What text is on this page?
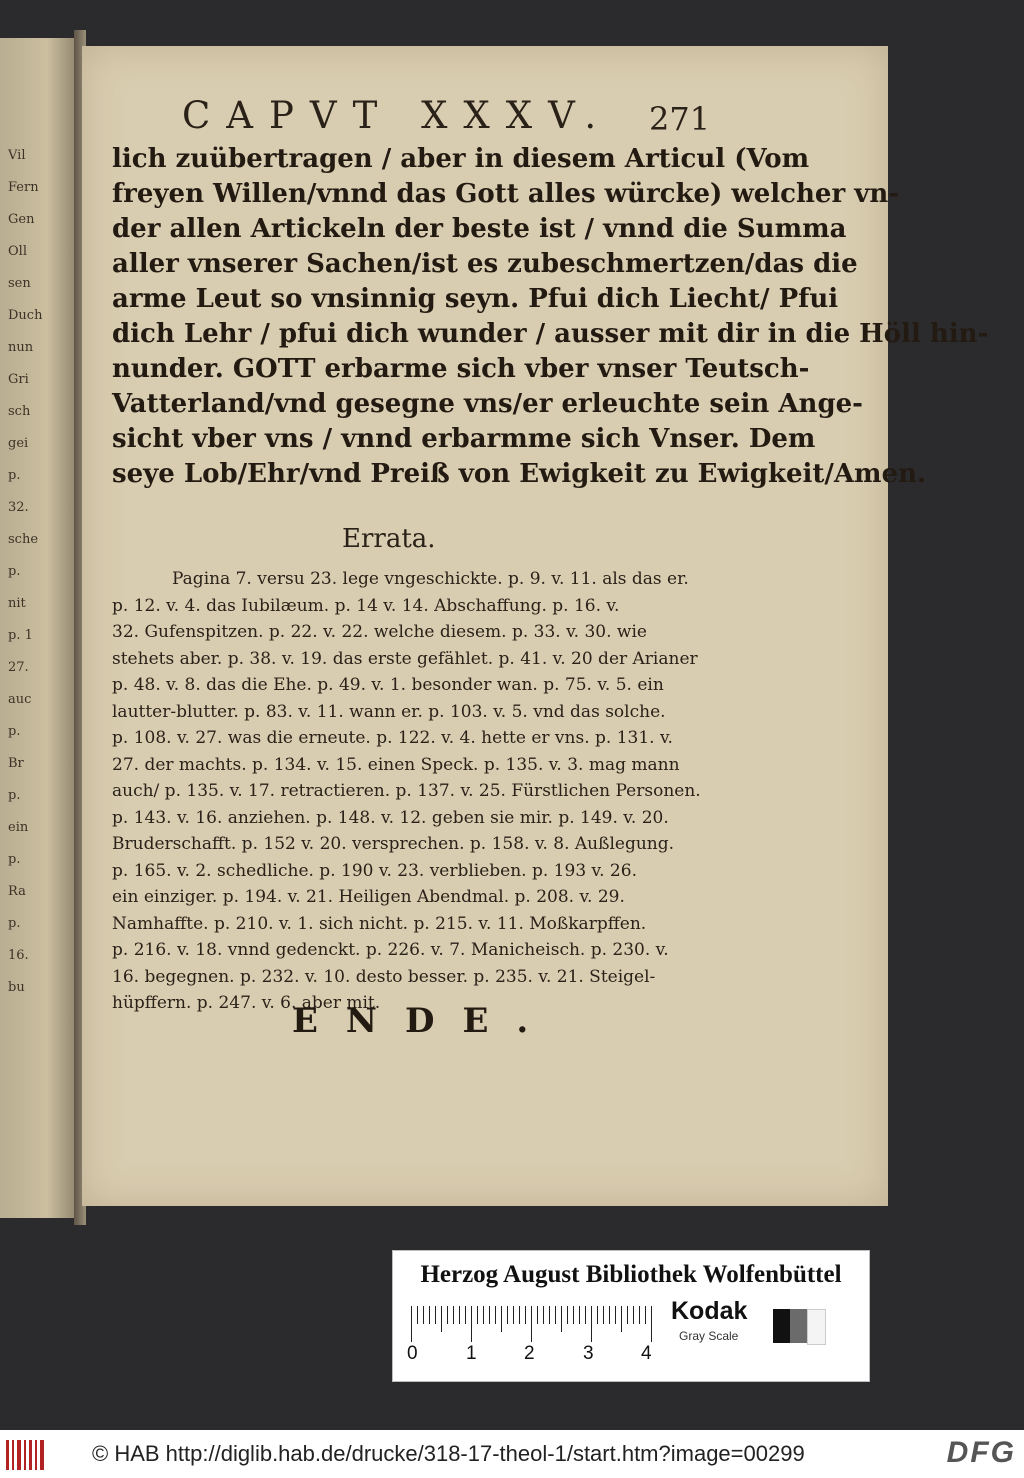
Vil
Fern
Gen
Oll
sen
Duch
nun
Gri
sch
gei
p.
32.
sche
p.
nit
p. 1
27.
auc
p.
Br
p.
ein
p.
Ra
p.
16.
bu
CAPVT XXXV.	271
lich zuübertragen / aber in diesem Articul (Vom
freyen Willen/vnnd das Gott alles würcke) welcher vn-
der allen Artickeln der beste ist / vnnd die Summa
aller vnserer Sachen/ist es zubeschmertzen/das die
arme Leut so vnsinnig seyn. Pfui dich Liecht/ Pfui
dich Lehr / pfui dich wunder / ausser mit dir in die Höll hin-
nunder. GOTT erbarme sich vber vnser Teutsch-
Vatterland/vnd gesegne vns/er erleuchte sein Ange-
sicht vber vns / vnnd erbarmme sich Vnser. Dem
seye Lob/Ehr/vnd Preiß von Ewigkeit zu Ewigkeit/Amen.
Errata.
Pagina 7. versu 23. lege vngeschickte. p. 9. v. 11. als das er.
p. 12. v. 4. das Iubilæum. p. 14 v. 14. Abschaffung. p. 16. v.
32. Gufenspitzen. p. 22. v. 22. welche diesem. p. 33. v. 30. wie
stehets aber. p. 38. v. 19. das erste gefählet. p. 41. v. 20 der Arianer
p. 48. v. 8. das die Ehe. p. 49. v. 1. besonder wan. p. 75. v. 5. ein
lautter-blutter. p. 83. v. 11. wann er. p. 103. v. 5. vnd das solche.
p. 108. v. 27. was die erneute. p. 122. v. 4. hette er vns. p. 131. v.
27. der machts. p. 134. v. 15. einen Speck. p. 135. v. 3. mag mann
auch/ p. 135. v. 17. retractieren. p. 137. v. 25. Fürstlichen Personen.
p. 143. v. 16. anziehen. p. 148. v. 12. geben sie mir. p. 149. v. 20.
Bruderschafft. p. 152 v. 20. versprechen. p. 158. v. 8. Außlegung.
p. 165. v. 2. schedliche. p. 190 v. 23. verblieben. p. 193 v. 26.
ein einziger. p. 194. v. 21. Heiligen Abendmal. p. 208. v. 29.
Namhaffte. p. 210. v. 1. sich nicht. p. 215. v. 11. Moßkarpffen.
p. 216. v. 18. vnnd gedenckt. p. 226. v. 7. Manicheisch. p. 230. v.
16. begegnen. p. 232. v. 10. desto besser. p. 235. v. 21. Steigel-
hüpffern. p. 247. v. 6. aber mit.
ENDE.
Herzog August Bibliothek Wolfenbüttel
0	1 2	3 4
Kodak
Gray Scale
© HAB http://diglib.hab.de/drucke/318-17-theol-1/start.htm?image=00299	DFG
